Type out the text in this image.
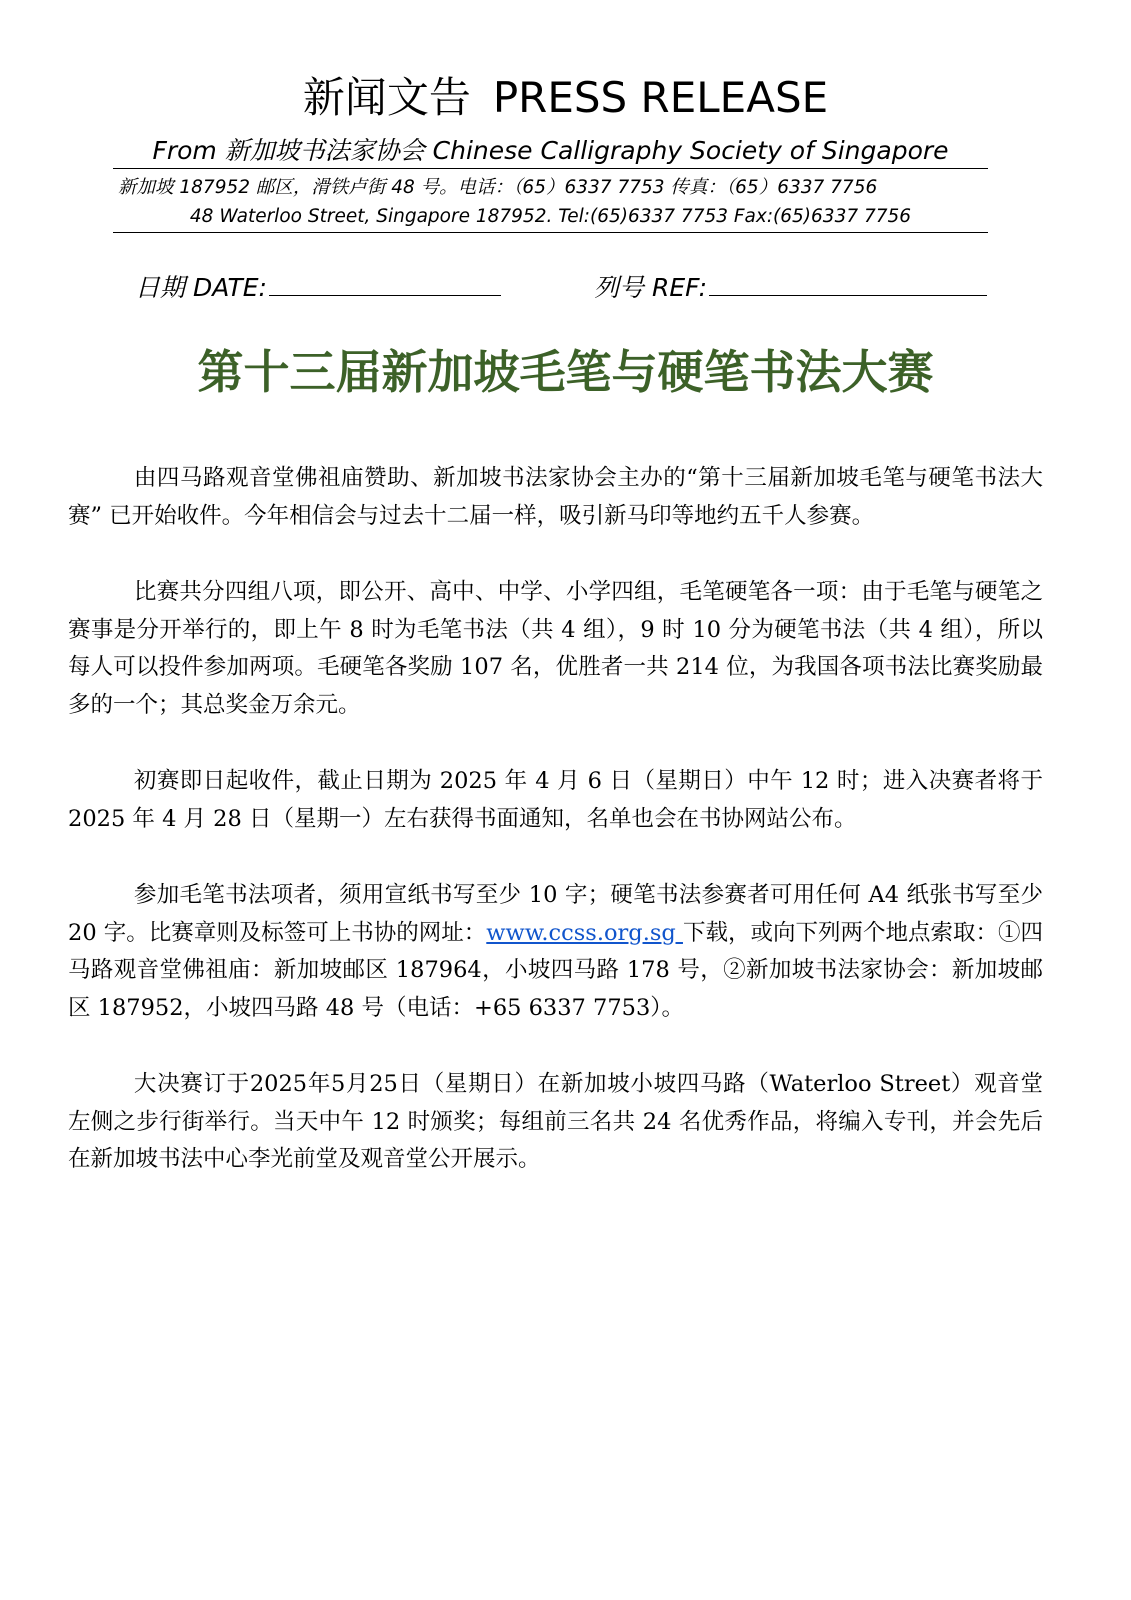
新闻文告 PRESS RELEASE
From 新加坡书法家协会 Chinese Calligraphy Society of Singapore
新加坡 187952 邮区，滑铁卢街 48 号。电话：（65）6337 7753 传真：（65）6337 7756
48 Waterloo Street, Singapore 187952. Tel:(65)6337 7753 Fax:(65)6337 7756
日期 DATE:	列号 REF:
第十三届新加坡毛笔与硬笔书法大赛

由四马路观音堂佛祖庙赞助、新加坡书法家协会主办的“第十三届新加坡毛笔与硬笔书法大赛” 已开始收件。今年相信会与过去十二届一样，吸引新马印等地约五千人参赛。

比赛共分四组八项，即公开、高中、中学、小学四组，毛笔硬笔各一项：由于毛笔与硬笔之赛事是分开举行的，即上午 8 时为毛笔书法（共 4 组），9 时 10 分为硬笔书法（共 4 组），所以每人可以投件参加两项。毛硬笔各奖励 107 名，优胜者一共 214 位，为我国各项书法比赛奖励最多的一个；其总奖金万余元。

初赛即日起收件，截止日期为 2025 年 4 月 6 日（星期日）中午 12 时；进入决赛者将于 2025 年 4 月 28 日（星期一）左右获得书面通知，名单也会在书协网站公布。

参加毛笔书法项者，须用宣纸书写至少 10 字；硬笔书法参赛者可用任何 A4 纸张书写至少 20 字。比赛章则及标签可上书协的网址：www.ccss.org.sg 下载，或向下列两个地点索取：①四马路观音堂佛祖庙：新加坡邮区 187964，小坡四马路 178 号，②新加坡书法家协会：新加坡邮区 187952，小坡四马路 48 号（电话：+65 6337 7753）。

大决赛订于2025年5月25日（星期日）在新加坡小坡四马路（Waterloo Street）观音堂左侧之步行街举行。当天中午 12 时颁奖；每组前三名共 24 名优秀作品，将编入专刊，并会先后在新加坡书法中心李光前堂及观音堂公开展示。
